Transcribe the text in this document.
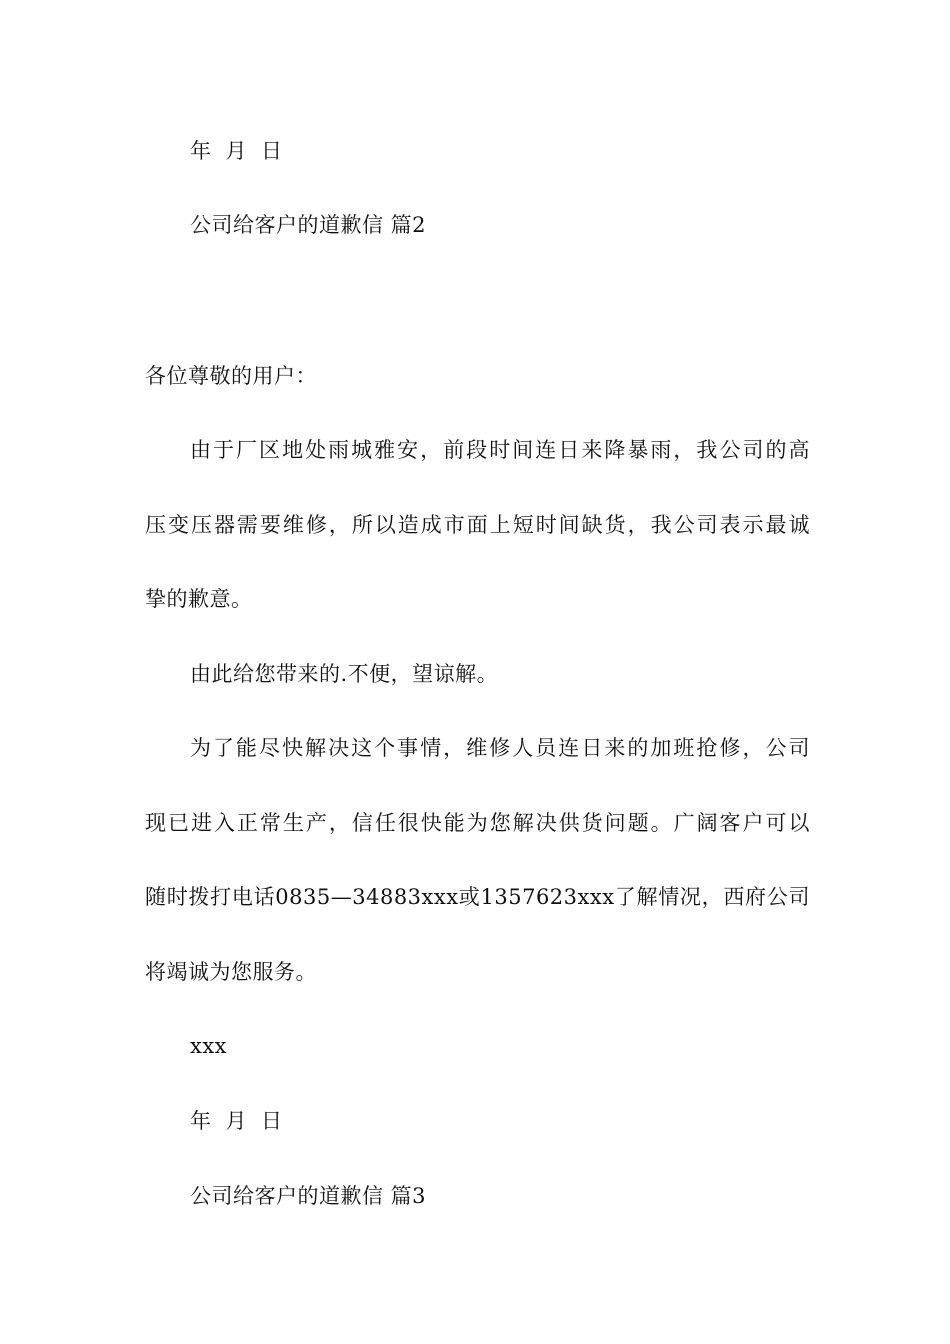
年 月 日
公司给客户的道歉信 篇2
各位尊敬的用户：
由于厂区地处雨城雅安，前段时间连日来降暴雨，我公司的高
压变压器需要维修，所以造成市面上短时间缺货，我公司表示最诚
挚的歉意。
由此给您带来的.不便，望谅解。
为了能尽快解决这个事情，维修人员连日来的加班抢修，公司
现已进入正常生产，信任很快能为您解决供货问题。广阔客户可以
随时拨打电话0835—34883xxx或1357623xxx了解情况，西府公司
将竭诚为您服务。
xxx
年 月 日
公司给客户的道歉信 篇3
